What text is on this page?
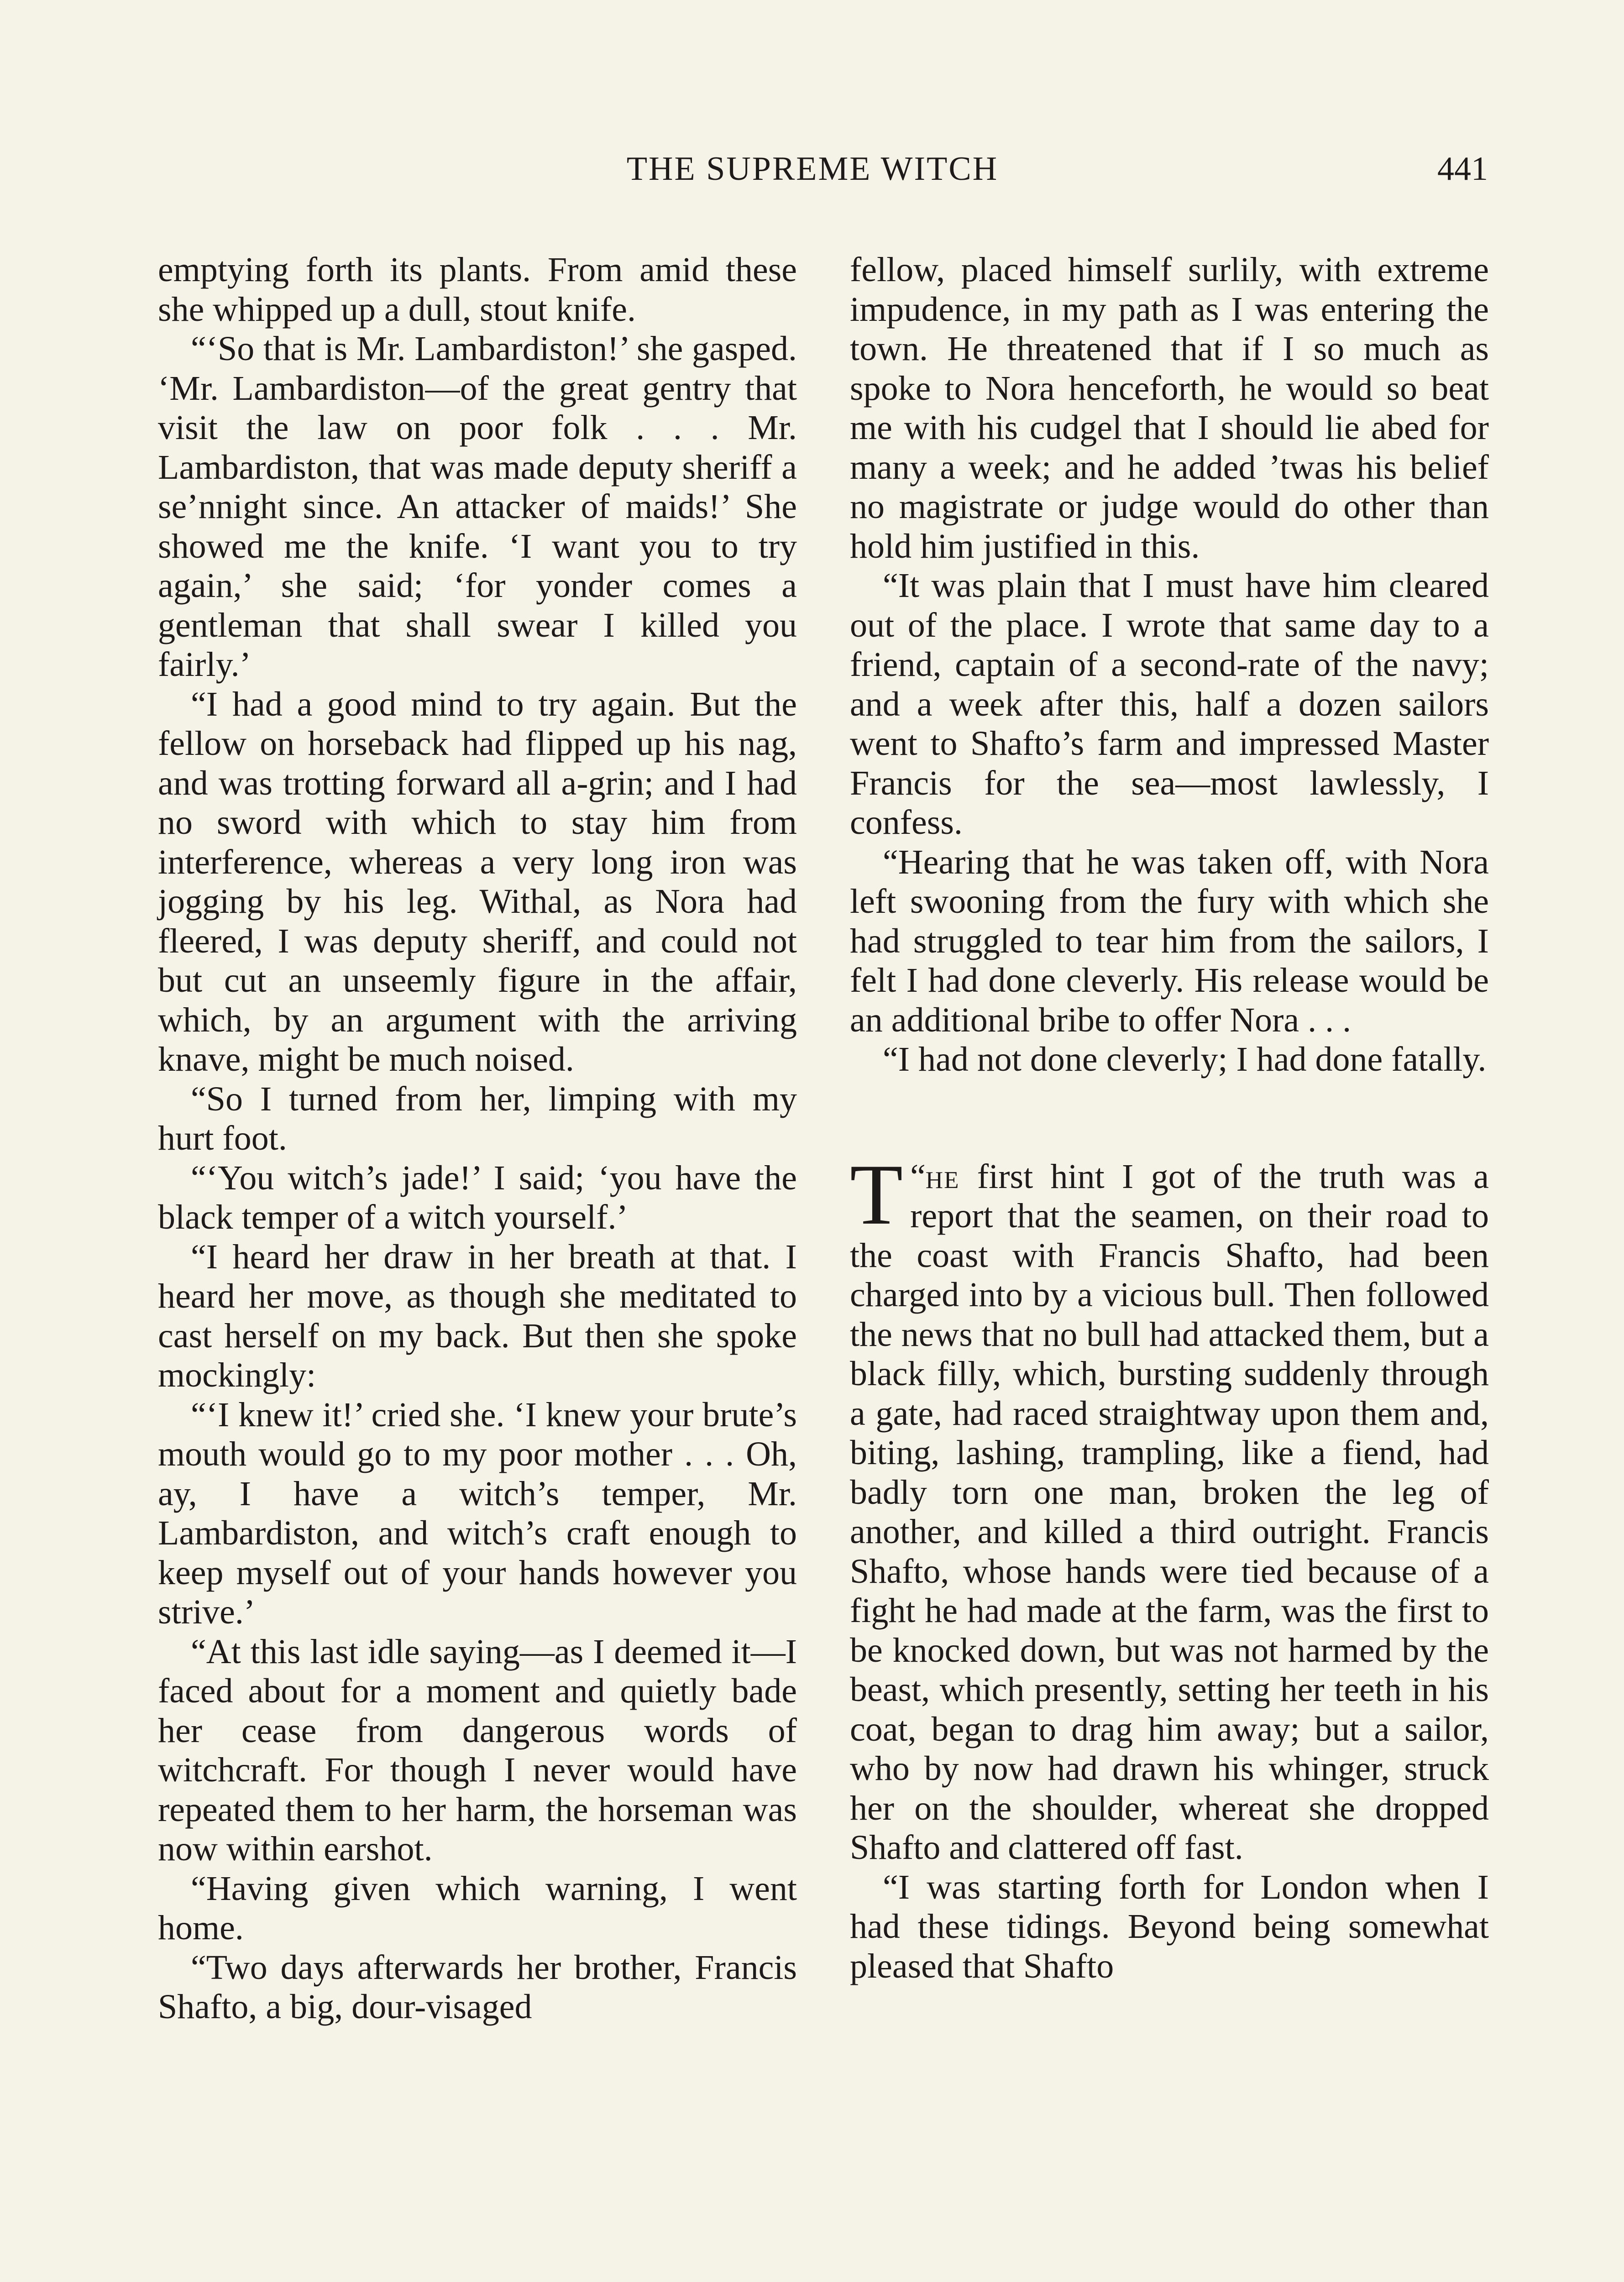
THE SUPREME WITCH	441

emptying forth its plants. From amid these she whipped up a dull, stout knife.

“‘So that is Mr. Lambardiston!’ she gasped. ‘Mr. Lambardiston—of the great gentry that visit the law on poor folk . . . Mr. Lambardiston, that was made deputy sheriff a se’nnight since. An attacker of maids!’ She showed me the knife. ‘I want you to try again,’ she said; ‘for yonder comes a gentleman that shall swear I killed you fairly.’

“I had a good mind to try again. But the fellow on horseback had flipped up his nag, and was trotting forward all a-grin; and I had no sword with which to stay him from interference, whereas a very long iron was jogging by his leg. Withal, as Nora had fleered, I was deputy sheriff, and could not but cut an unseemly figure in the affair, which, by an argument with the arriving knave, might be much noised.

“So I turned from her, limping with my hurt foot.

“‘You witch’s jade!’ I said; ‘you have the black temper of a witch yourself.’

“I heard her draw in her breath at that. I heard her move, as though she meditated to cast herself on my back. But then she spoke mockingly:

“‘I knew it!’ cried she. ‘I knew your brute’s mouth would go to my poor mother . . . Oh, ay, I have a witch’s temper, Mr. Lambardiston, and witch’s craft enough to keep myself out of your hands however you strive.’

“At this last idle saying—as I deemed it—I faced about for a moment and quietly bade her cease from dangerous words of witchcraft. For though I never would have repeated them to her harm, the horseman was now within earshot.

“Having given which warning, I went home.

“Two days afterwards her brother, Francis Shafto, a big, dour-visaged

fellow, placed himself surlily, with extreme impudence, in my path as I was entering the town. He threatened that if I so much as spoke to Nora henceforth, he would so beat me with his cudgel that I should lie abed for many a week; and he added ’twas his belief no magistrate or judge would do other than hold him justified in this.

“It was plain that I must have him cleared out of the place. I wrote that same day to a friend, captain of a second-rate of the navy; and a week after this, half a dozen sailors went to Shafto’s farm and impressed Master Francis for the sea—most lawlessly, I confess.

“Hearing that he was taken off, with Nora left swooning from the fury with which she had struggled to tear him from the sailors, I felt I had done cleverly. His release would be an additional bribe to offer Nora . . .

“I had not done cleverly; I had done fatally.

“
T he first hint I got of the truth was a report that the seamen, on their road to the coast with Francis Shafto, had been charged into by a vicious bull. Then followed the news that no bull had attacked them, but a black filly, which, bursting suddenly through a gate, had raced straightway upon them and, biting, lashing, trampling, like a fiend, had badly torn one man, broken the leg of another, and killed a third outright. Francis Shafto, whose hands were tied because of a fight he had made at the farm, was the first to be knocked down, but was not harmed by the beast, which presently, setting her teeth in his coat, began to drag him away; but a sailor, who by now had drawn his whinger, struck her on the shoulder, whereat she dropped Shafto and clattered off fast.

“I was starting forth for London when I had these tidings. Beyond being somewhat pleased that Shafto
